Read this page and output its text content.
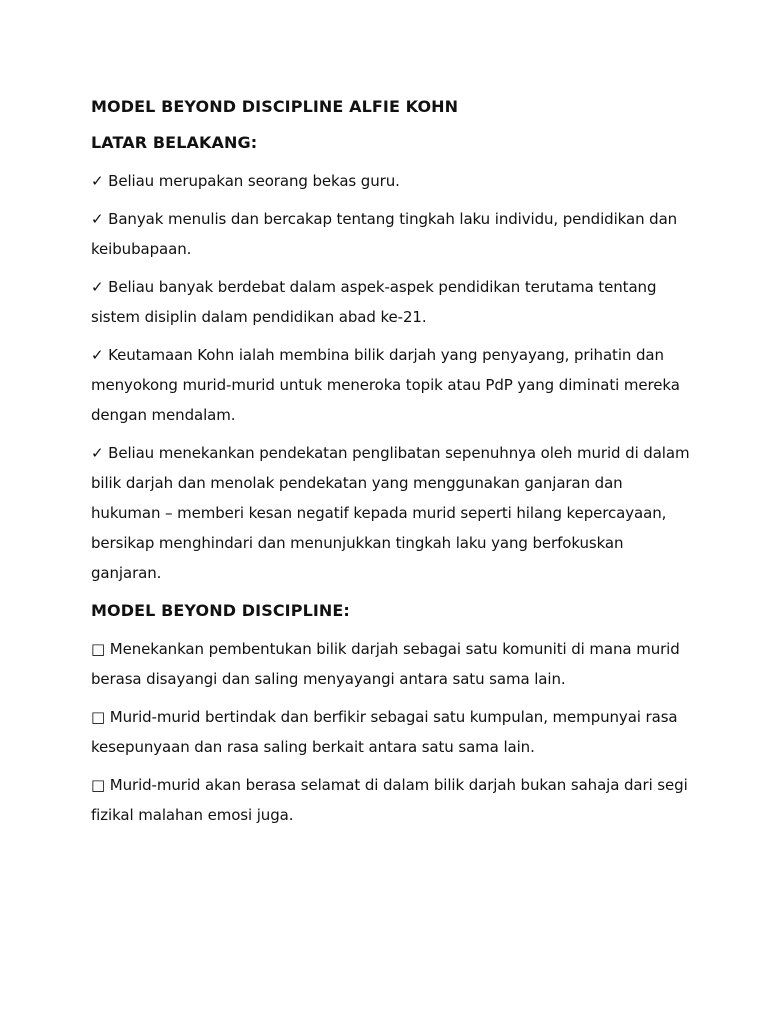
MODEL BEYOND DISCIPLINE ALFIE KOHN
LATAR BELAKANG:

✓ Beliau merupakan seorang bekas guru.

✓ Banyak menulis dan bercakap tentang tingkah laku individu, pendidikan dan keibubapaan.

✓ Beliau banyak berdebat dalam aspek-aspek pendidikan terutama tentang sistem disiplin dalam pendidikan abad ke-21.

✓ Keutamaan Kohn ialah membina bilik darjah yang penyayang, prihatin dan menyokong murid-murid untuk meneroka topik atau PdP yang diminati mereka dengan mendalam.

✓ Beliau menekankan pendekatan penglibatan sepenuhnya oleh murid di dalam bilik darjah dan menolak pendekatan yang menggunakan ganjaran dan hukuman – memberi kesan negatif kepada murid seperti hilang kepercayaan, bersikap menghindari dan menunjukkan tingkah laku yang berfokuskan ganjaran.

MODEL BEYOND DISCIPLINE:

□ Menekankan pembentukan bilik darjah sebagai satu komuniti di mana murid berasa disayangi dan saling menyayangi antara satu sama lain.

□ Murid-murid bertindak dan berfikir sebagai satu kumpulan, mempunyai rasa kesepunyaan dan rasa saling berkait antara satu sama lain.

□ Murid-murid akan berasa selamat di dalam bilik darjah bukan sahaja dari segi fizikal malahan emosi juga.
